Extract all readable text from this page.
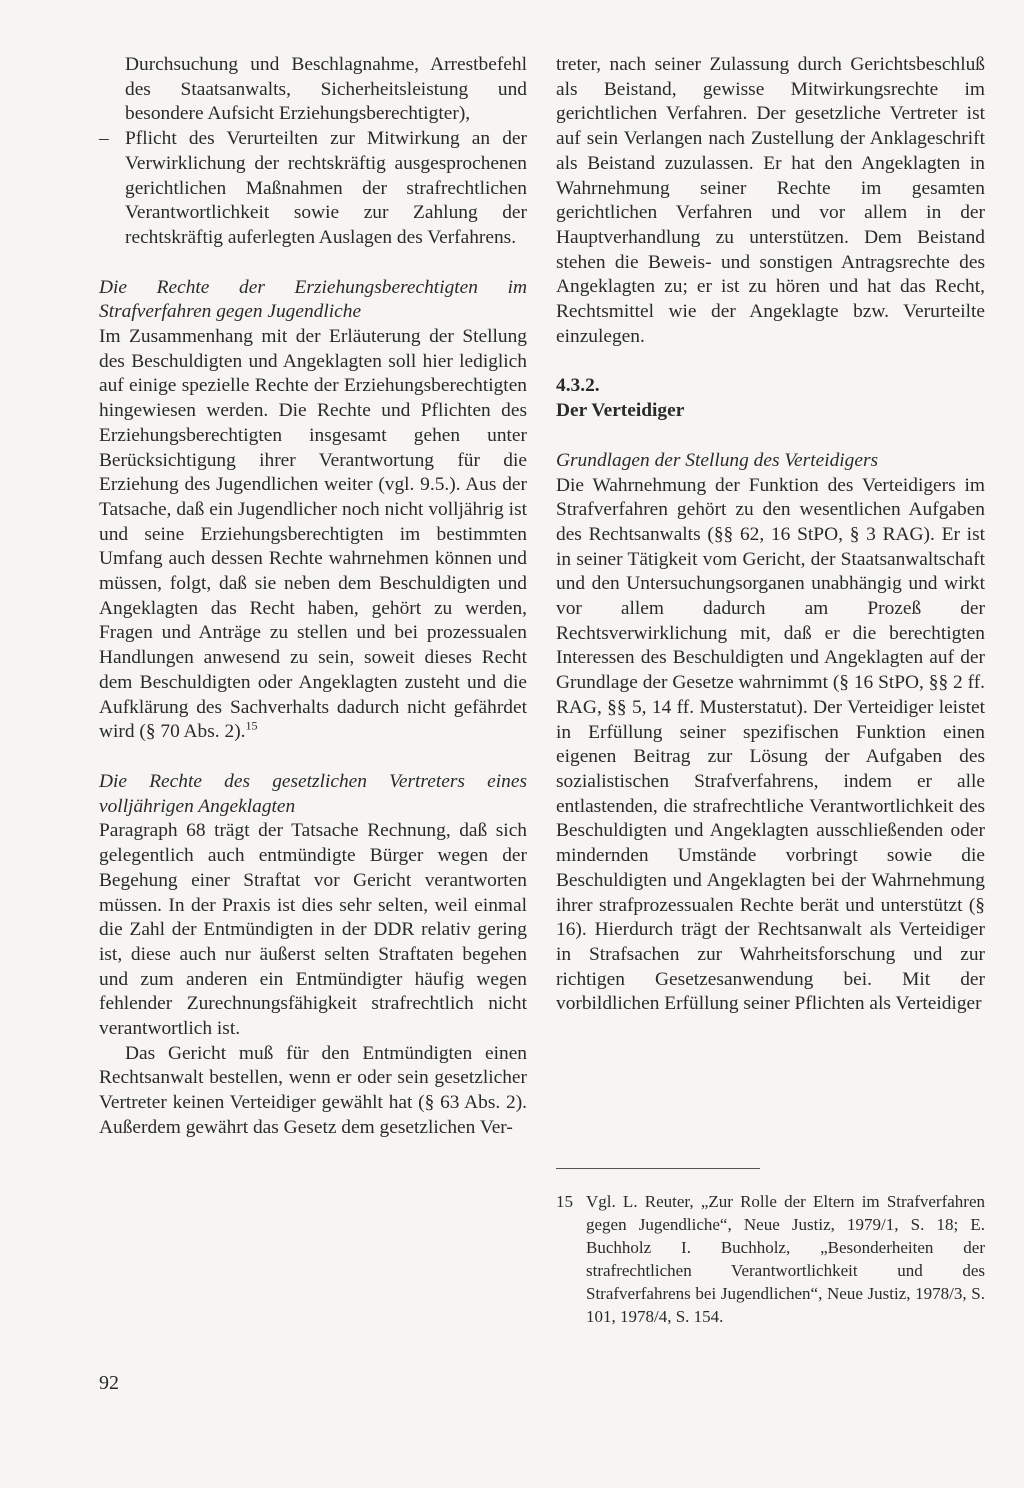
Durchsuchung und Beschlagnahme, Arrestbefehl des Staatsanwalts, Sicherheitsleistung und besondere Aufsicht Erziehungsberechtigter),

– Pflicht des Verurteilten zur Mitwirkung an der Verwirklichung der rechtskräftig ausgesprochenen gerichtlichen Maßnahmen der strafrechtlichen Verantwortlichkeit sowie zur Zahlung der rechtskräftig auferlegten Auslagen des Verfahrens.

Die Rechte der Erziehungsberechtigten im Strafverfahren gegen Jugendliche

Im Zusammenhang mit der Erläuterung der Stellung des Beschuldigten und Angeklagten soll hier lediglich auf einige spezielle Rechte der Erziehungsberechtigten hingewiesen werden. Die Rechte und Pflichten des Erziehungsberechtigten insgesamt gehen unter Berücksichtigung ihrer Verantwortung für die Erziehung des Jugendlichen weiter (vgl. 9.5.). Aus der Tatsache, daß ein Jugendlicher noch nicht volljährig ist und seine Erziehungsberechtigten im bestimmten Umfang auch dessen Rechte wahrnehmen können und müssen, folgt, daß sie neben dem Beschuldigten und Angeklagten das Recht haben, gehört zu werden, Fragen und Anträge zu stellen und bei prozessualen Handlungen anwesend zu sein, soweit dieses Recht dem Beschuldigten oder Angeklagten zusteht und die Aufklärung des Sachverhalts dadurch nicht gefährdet wird (§ 70 Abs. 2).$^{15}$

Die Rechte des gesetzlichen Vertreters eines volljährigen Angeklagten

Paragraph 68 trägt der Tatsache Rechnung, daß sich gelegentlich auch entmündigte Bürger wegen der Begehung einer Straftat vor Gericht verantworten müssen. In der Praxis ist dies sehr selten, weil einmal die Zahl der Entmündigten in der DDR relativ gering ist, diese auch nur äußerst selten Straftaten begehen und zum anderen ein Entmündigter häufig wegen fehlender Zurechnungsfähigkeit strafrechtlich nicht verantwortlich ist.

Das Gericht muß für den Entmündigten einen Rechtsanwalt bestellen, wenn er oder sein gesetzlicher Vertreter keinen Verteidiger gewählt hat (§ 63 Abs. 2). Außerdem gewährt das Gesetz dem gesetzlichen Ver-

treter, nach seiner Zulassung durch Gerichtsbeschluß als Beistand, gewisse Mitwirkungsrechte im gerichtlichen Verfahren. Der gesetzliche Vertreter ist auf sein Verlangen nach Zustellung der Anklageschrift als Beistand zuzulassen. Er hat den Angeklagten in Wahrnehmung seiner Rechte im gesamten gerichtlichen Verfahren und vor allem in der Hauptverhandlung zu unterstützen. Dem Beistand stehen die Beweis- und sonstigen Antragsrechte des Angeklagten zu; er ist zu hören und hat das Recht, Rechtsmittel wie der Angeklagte bzw. Verurteilte einzulegen.

4.3.2.

Der Verteidiger

Grundlagen der Stellung des Verteidigers

Die Wahrnehmung der Funktion des Verteidigers im Strafverfahren gehört zu den wesentlichen Aufgaben des Rechtsanwalts (§§ 62, 16 StPO, § 3 RAG). Er ist in seiner Tätigkeit vom Gericht, der Staatsanwaltschaft und den Untersuchungsorganen unabhängig und wirkt vor allem dadurch am Prozeß der Rechtsverwirklichung mit, daß er die berechtigten Interessen des Beschuldigten und Angeklagten auf der Grundlage der Gesetze wahrnimmt (§ 16 StPO, §§ 2 ff. RAG, §§ 5, 14 ff. Musterstatut). Der Verteidiger leistet in Erfüllung seiner spezifischen Funktion einen eigenen Beitrag zur Lösung der Aufgaben des sozialistischen Strafverfahrens, indem er alle entlastenden, die strafrechtliche Verantwortlichkeit des Beschuldigten und Angeklagten ausschließenden oder mindernden Umstände vorbringt sowie die Beschuldigten und Angeklagten bei der Wahrnehmung ihrer strafprozessualen Rechte berät und unterstützt (§ 16). Hierdurch trägt der Rechtsanwalt als Verteidiger in Strafsachen zur Wahrheitsforschung und zur richtigen Gesetzesanwendung bei. Mit der vorbildlichen Erfüllung seiner Pflichten als Verteidiger

15 Vgl. L. Reuter, „Zur Rolle der Eltern im Strafverfahren gegen Jugendliche“, Neue Justiz, 1979/1, S. 18; E. Buchholz I. Buchholz, „Besonderheiten der strafrechtlichen Verantwortlichkeit und des Strafverfahrens bei Jugendlichen“, Neue Justiz, 1978/3, S. 101, 1978/4, S. 154.
92
